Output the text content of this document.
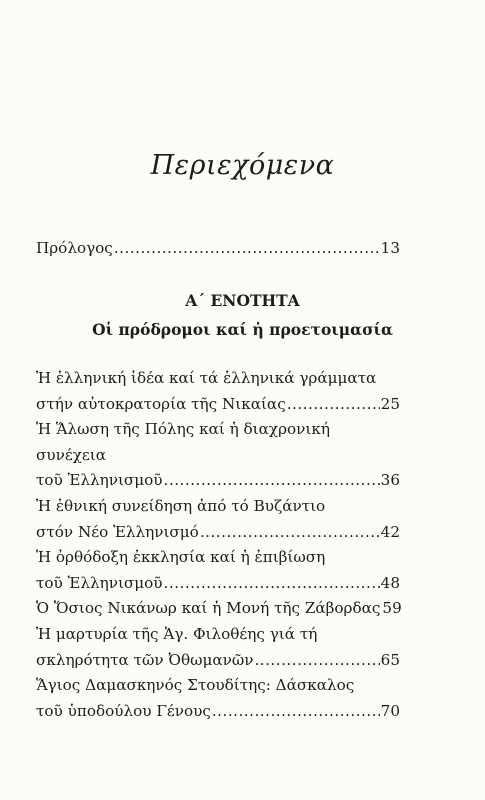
Περιεχόμενα
Πρόλογος .....	13
Α΄ ΕΝΟΤΗΤΑ
Οἱ πρόδρομοι καί ἡ προετοιμασία
Ἡ ἑλληνική ἰδέα καί τά ἑλληνικά γράμματα
στήν αὐτοκρατορία τῆς Νικαίας .....	25
Ἡ Ἅλωση τῆς Πόλης καί ἡ διαχρονική συνέχεια
τοῦ Ἑλληνισμοῦ .....	36
Ἡ ἐθνική συνείδηση ἀπό τό Βυζάντιο
στόν Νέο Ἑλληνισμό .....	42
Ἡ ὀρθόδοξη ἐκκλησία καί ἡ ἐπιβίωση
τοῦ Ἑλληνισμοῦ .....	48
Ὁ Ὅσιος Νικάνωρ καί ἡ Μονή τῆς Ζάβορδας 59
Ἡ μαρτυρία τῆς Ἁγ. Φιλοθέης γιά τή
σκληρότητα τῶν Ὀθωμανῶν .....	65
Ἅγιος Δαμασκηνός Στουδίτης: Δάσκαλος
τοῦ ὑποδούλου Γένους .....	70
